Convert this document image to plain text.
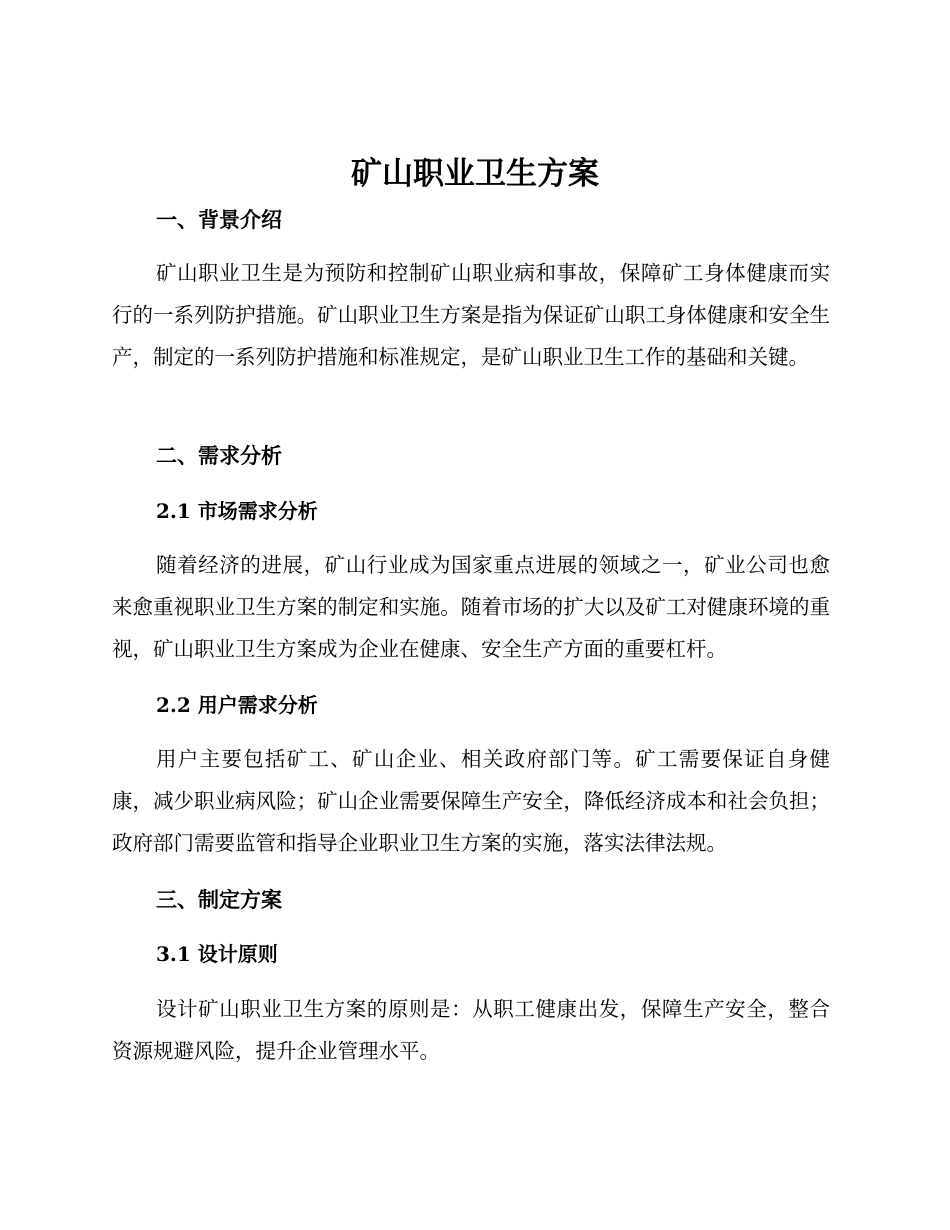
矿山职业卫生方案
一、背景介绍

矿山职业卫生是为预防和控制矿山职业病和事故，保障矿工身体健康而实行的一系列防护措施。矿山职业卫生方案是指为保证矿山职工身体健康和安全生产，制定的一系列防护措施和标准规定，是矿山职业卫生工作的基础和关键。

二、需求分析
2.1 市场需求分析

随着经济的进展，矿山行业成为国家重点进展的领域之一，矿业公司也愈来愈重视职业卫生方案的制定和实施。随着市场的扩大以及矿工对健康环境的重视，矿山职业卫生方案成为企业在健康、安全生产方面的重要杠杆。

2.2 用户需求分析

用户主要包括矿工、矿山企业、相关政府部门等。矿工需要保证自身健康，减少职业病风险；矿山企业需要保障生产安全，降低经济成本和社会负担；政府部门需要监管和指导企业职业卫生方案的实施，落实法律法规。

三、制定方案
3.1 设计原则

设计矿山职业卫生方案的原则是：从职工健康出发，保障生产安全，整合资源规避风险，提升企业管理水平。
